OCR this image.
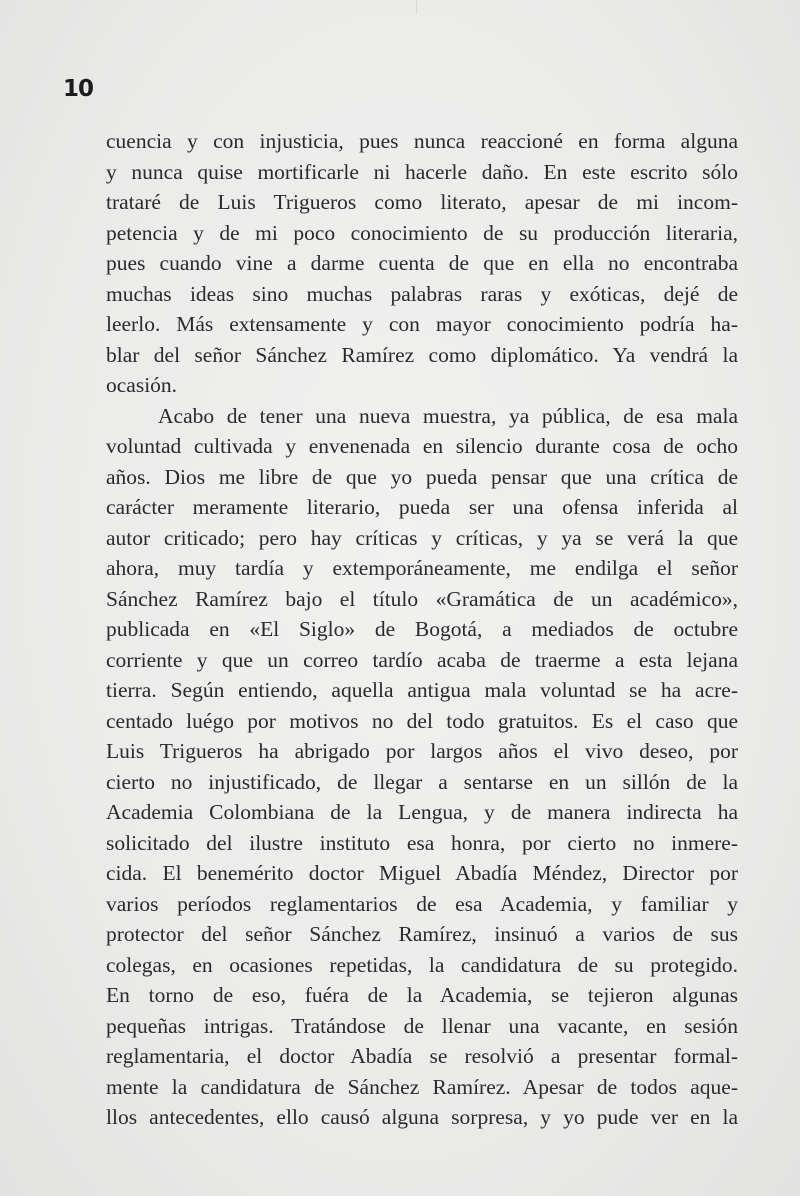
10
cuencia y con injusticia, pues nunca reaccioné en forma alguna
y nunca quise mortificarle ni hacerle daño. En este escrito sólo
trataré de Luis Trigueros como literato, apesar de mi incom-
petencia y de mi poco conocimiento de su producción literaria,
pues cuando vine a darme cuenta de que en ella no encontraba
muchas ideas sino muchas palabras raras y exóticas, dejé de
leerlo. Más extensamente y con mayor conocimiento podría ha-
blar del señor Sánchez Ramírez como diplomático. Ya vendrá la
ocasión.
Acabo de tener una nueva muestra, ya pública, de esa mala
voluntad cultivada y envenenada en silencio durante cosa de ocho
años. Dios me libre de que yo pueda pensar que una crítica de
carácter meramente literario, pueda ser una ofensa inferida al
autor criticado; pero hay críticas y críticas, y ya se verá la que
ahora, muy tardía y extemporáneamente, me endilga el señor
Sánchez Ramírez bajo el título «Gramática de un académico»,
publicada en «El Siglo» de Bogotá, a mediados de octubre
corriente y que un correo tardío acaba de traerme a esta lejana
tierra. Según entiendo, aquella antigua mala voluntad se ha acre-
centado luégo por motivos no del todo gratuitos. Es el caso que
Luis Trigueros ha abrigado por largos años el vivo deseo, por
cierto no injustificado, de llegar a sentarse en un sillón de la
Academia Colombiana de la Lengua, y de manera indirecta ha
solicitado del ilustre instituto esa honra, por cierto no inmere-
cida. El benemérito doctor Miguel Abadía Méndez, Director por
varios períodos reglamentarios de esa Academia, y familiar y
protector del señor Sánchez Ramírez, insinuó a varios de sus
colegas, en ocasiones repetidas, la candidatura de su protegido.
En torno de eso, fuéra de la Academia, se tejieron algunas
pequeñas intrigas. Tratándose de llenar una vacante, en sesión
reglamentaria, el doctor Abadía se resolvió a presentar formal-
mente la candidatura de Sánchez Ramírez. Apesar de todos aque-
llos antecedentes, ello causó alguna sorpresa, y yo pude ver en la
